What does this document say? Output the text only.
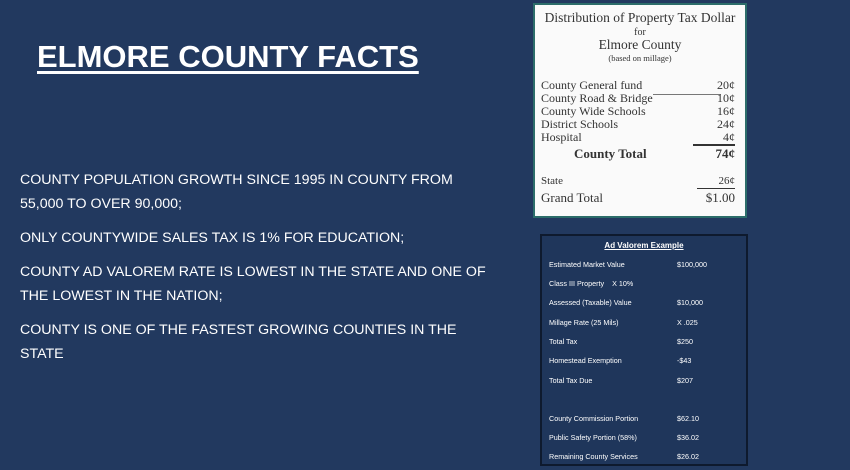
ELMORE COUNTY FACTS

COUNTY POPULATION GROWTH SINCE 1995 IN COUNTY FROM 55,000 TO OVER 90,000;

ONLY COUNTYWIDE SALES TAX IS 1% FOR EDUCATION;

COUNTY AD VALOREM RATE IS LOWEST IN THE STATE AND ONE OF THE LOWEST IN THE NATION;

COUNTY IS ONE OF THE FASTEST GROWING COUNTIES IN THE STATE

Distribution of Property Tax Dollar
for
Elmore County
(based on millage)
County General fund	20¢
County Road & Bridge	10¢
County Wide Schools	16¢
District Schools	24¢
Hospital	4¢
County Total	74¢
State	26¢
Grand Total	$1.00
Ad Valorem Example
Estimated Market Value	$100,000
Class III Property    X 10%
Assessed (Taxable) Value	$10,000
Millage Rate (25 Mils)	X .025
Total Tax	$250
Homestead Exemption	-$43
Total Tax Due	$207
County Commission Portion	$62.10
Public Safety Portion (58%)	$36.02
Remaining County Services	$26.02
